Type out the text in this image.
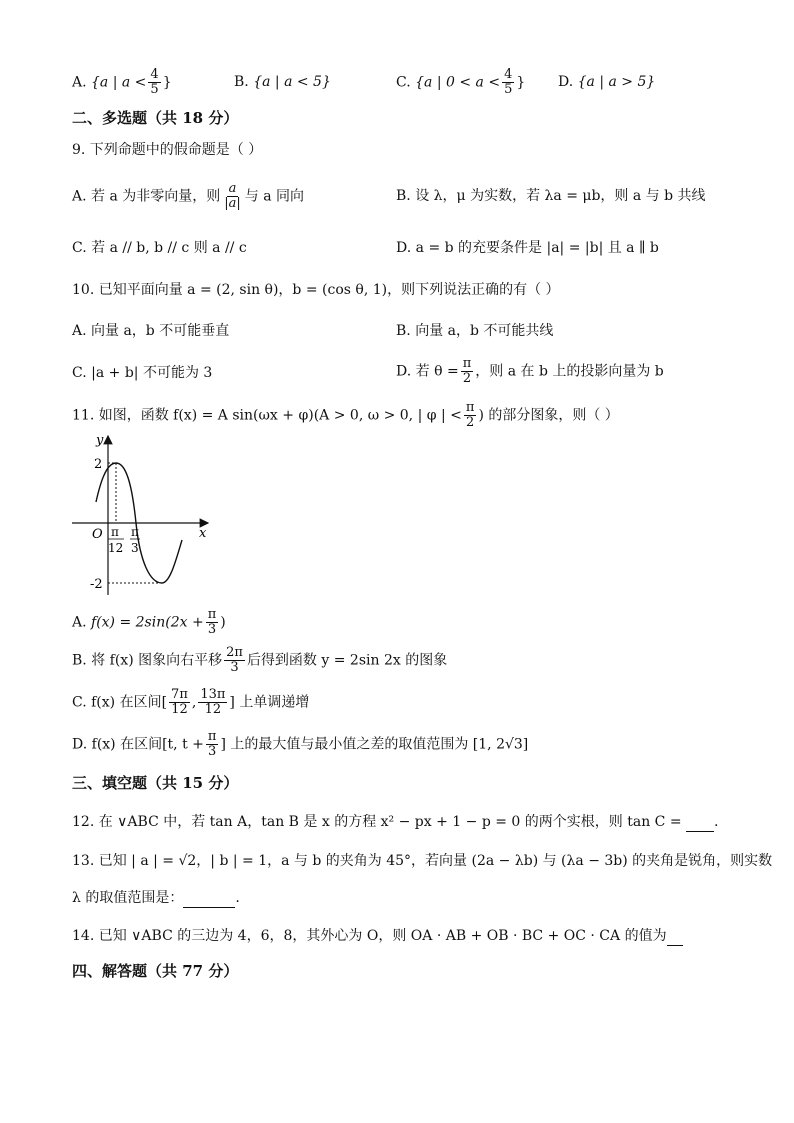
A. {a | $a < \frac{4}{5}$ }	B. {a | a < 5}	C. {a | $0 < a < \frac{4}{5}$ } D. {a | a > 5}
二、多选题（共 18 分）
9. 下列命题中的假命题是（ ）
A. 若 a 为非零向量，则 $\frac{a}{|a|}$ 与 a 同向	B. 设 λ，μ 为实数，若 λa = μb，则 a 与 b 共线
C. 若 a // b, b // c 则 a // c	D. a = b 的充要条件是 |a| = |b| 且 a ∥ b
10. 已知平面向量 a = (2, sin θ)，b = (cos θ, 1)，则下列说法正确的有（ ）
A. 向量 a，b 不可能垂直	B. 向量 a，b 不可能共线
C. |a + b| 不可能为 3	D. 若 $\theta = \frac{\pi}{2}$ ，则 a 在 b 上的投影向量为 b
11. 如图，函数 f(x) = A sin(ωx + φ)(A > 0, ω > 0, | φ | < $\frac{\pi}{2}$ ) 的部分图象，则（ ）
y
x
O
2
-2
π
12
π
3
A. $f(x) = 2\sin(2x + \frac{\pi}{3}$ )
B. 将 f(x) 图象向右平移 $\frac{2\pi}{3}$ 后得到函数 y = 2sin 2x 的图象
C. f(x) 在区间[ $\frac{7\pi}{12}$ , $\frac{13\pi}{12}$ ] 上单调递增
D. f(x) 在区间[t, $t + \frac{\pi}{3}$ ] 上的最大值与最小值之差的取值范围为 [1, 2√3]
三、填空题（共 15 分）
12. 在 ∨ABC 中，若 tan A，tan B 是 x 的方程 x² − px + 1 − p = 0 的两个实根，则 tan C = .
13. 已知 | a | = √2，| b | = 1，a 与 b 的夹角为 45°，若向量 (2a − λb) 与 (λa − 3b) 的夹角是锐角，则实数
λ 的取值范围是：	.
14. 已知 ∨ABC 的三边为 4，6，8，其外心为 O，则 OA · AB + OB · BC + OC · CA 的值为
四、解答题（共 77 分）
